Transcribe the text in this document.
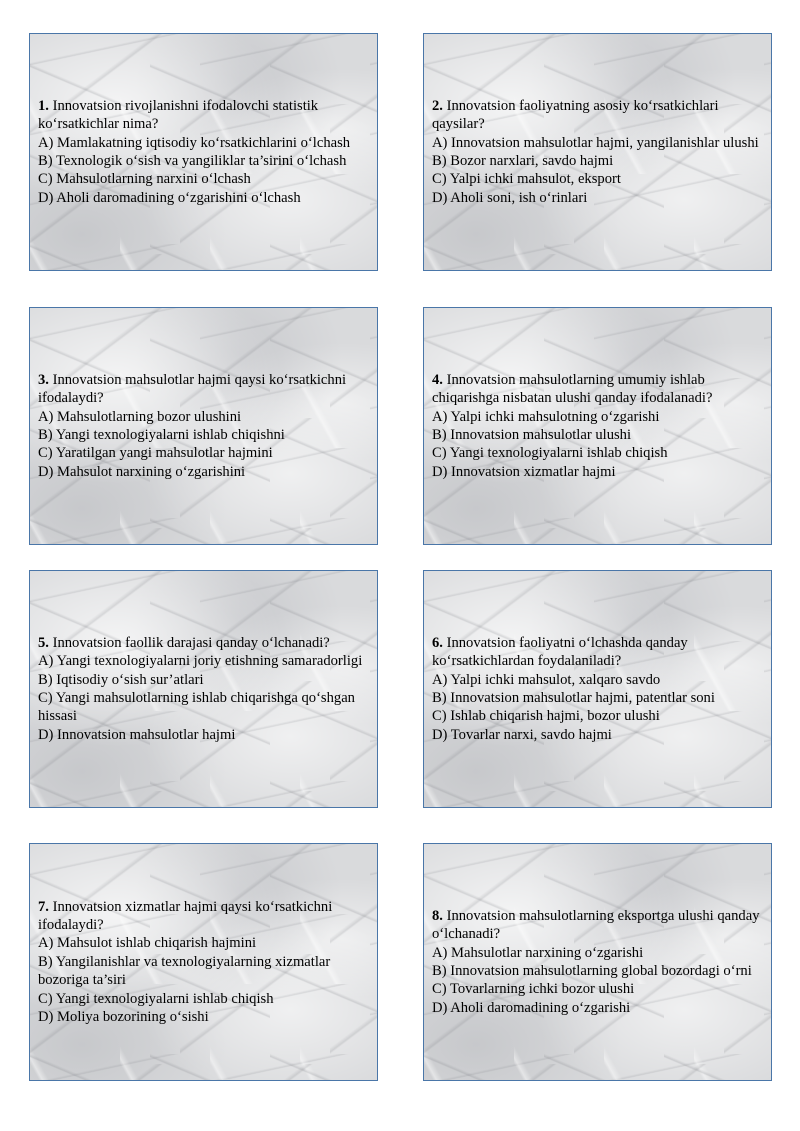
1. Innovatsion rivojlanishni ifodalovchi statistik ko‘rsatkichlar nima?
A) Mamlakatning iqtisodiy ko‘rsatkichlarini o‘lchash
B) Texnologik o‘sish va yangiliklar ta’sirini o‘lchash
C) Mahsulotlarning narxini o‘lchash
D) Aholi daromadining o‘zgarishini o‘lchash
2. Innovatsion faoliyatning asosiy ko‘rsatkichlari qaysilar?
A) Innovatsion mahsulotlar hajmi, yangilanishlar ulushi
B) Bozor narxlari, savdo hajmi
C) Yalpi ichki mahsulot, eksport
D) Aholi soni, ish o‘rinlari
3. Innovatsion mahsulotlar hajmi qaysi ko‘rsatkichni ifodalaydi?
A) Mahsulotlarning bozor ulushini
B) Yangi texnologiyalarni ishlab chiqishni
C) Yaratilgan yangi mahsulotlar hajmini
D) Mahsulot narxining o‘zgarishini
4. Innovatsion mahsulotlarning umumiy ishlab chiqarishga nisbatan ulushi qanday ifodalanadi?
A) Yalpi ichki mahsulotning o‘zgarishi
B) Innovatsion mahsulotlar ulushi
C) Yangi texnologiyalarni ishlab chiqish
D) Innovatsion xizmatlar hajmi
5. Innovatsion faollik darajasi qanday o‘lchanadi?
A) Yangi texnologiyalarni joriy etishning samaradorligi
B) Iqtisodiy o‘sish sur’atlari
C) Yangi mahsulotlarning ishlab chiqarishga qo‘shgan hissasi
D) Innovatsion mahsulotlar hajmi
6. Innovatsion faoliyatni o‘lchashda qanday ko‘rsatkichlardan foydalaniladi?
A) Yalpi ichki mahsulot, xalqaro savdo
B) Innovatsion mahsulotlar hajmi, patentlar soni
C) Ishlab chiqarish hajmi, bozor ulushi
D) Tovarlar narxi, savdo hajmi
7. Innovatsion xizmatlar hajmi qaysi ko‘rsatkichni ifodalaydi?
A) Mahsulot ishlab chiqarish hajmini
B) Yangilanishlar va texnologiyalarning xizmatlar bozoriga ta’siri
C) Yangi texnologiyalarni ishlab chiqish
D) Moliya bozorining o‘sishi
8. Innovatsion mahsulotlarning eksportga ulushi qanday o‘lchanadi?
A) Mahsulotlar narxining o‘zgarishi
B) Innovatsion mahsulotlarning global bozordagi o‘rni
C) Tovarlarning ichki bozor ulushi
D) Aholi daromadining o‘zgarishi
